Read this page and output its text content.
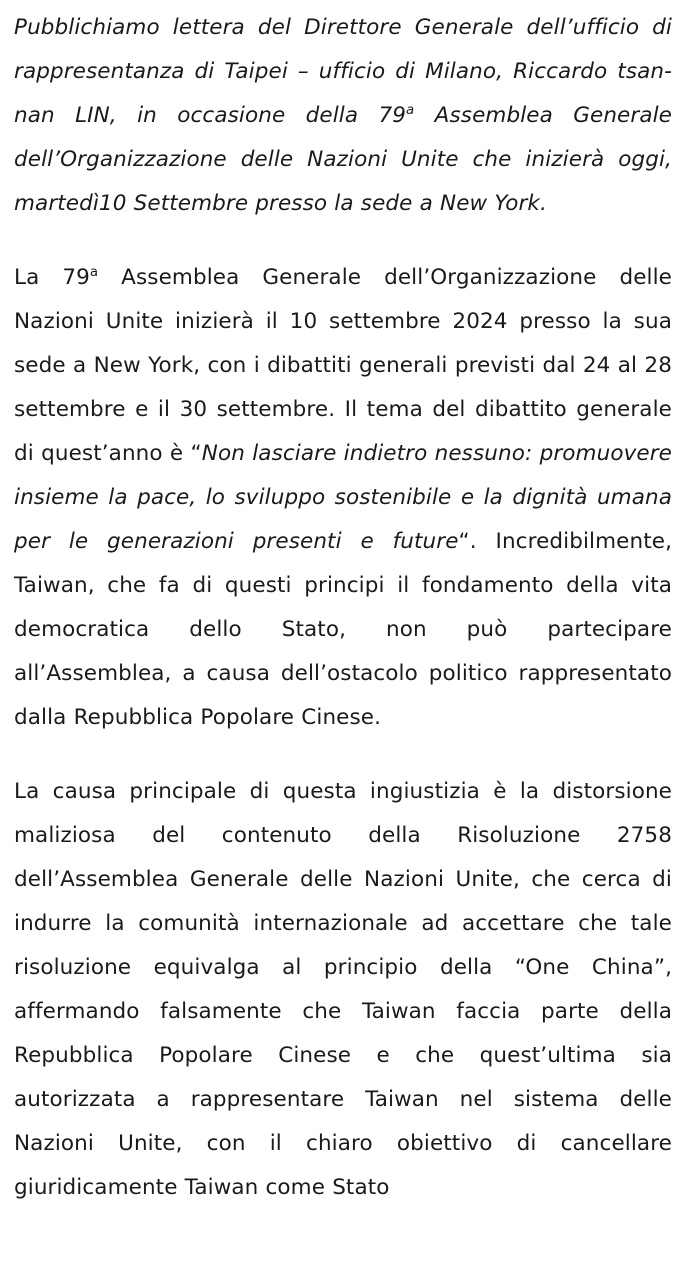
Pubblichiamo lettera del Direttore Generale dell’ufficio di rappresentanza di Taipei – ufficio di Milano, Riccardo tsan-nan LIN, in occasione della 79$^a$ Assemblea Generale dell’Organizzazione delle Nazioni Unite che inizierà oggi, martedì10 Settembre presso la sede a New York.

La 79$^a$ Assemblea Generale dell’Organizzazione delle Nazioni Unite inizierà il 10 settembre 2024 presso la sua sede a New York, con i dibattiti generali previsti dal 24 al 28 settembre e il 30 settembre. Il tema del dibattito generale di quest’anno è “Non lasciare indietro nessuno: promuovere insieme la pace, lo sviluppo sostenibile e la dignità umana per le generazioni presenti e future“. Incredibilmente, Taiwan, che fa di questi principi il fondamento della vita democratica dello Stato, non può partecipare all’Assemblea, a causa dell’ostacolo politico rappresentato dalla Repubblica Popolare Cinese.

La causa principale di questa ingiustizia è la distorsione maliziosa del contenuto della Risoluzione 2758 dell’Assemblea Generale delle Nazioni Unite, che cerca di indurre la comunità internazionale ad accettare che tale risoluzione equivalga al principio della “One China”, affermando falsamente che Taiwan faccia parte della Repubblica Popolare Cinese e che quest’ultima sia autorizzata a rappresentare Taiwan nel sistema delle Nazioni Unite, con il chiaro obiettivo di cancellare giuridicamente Taiwan come Stato
